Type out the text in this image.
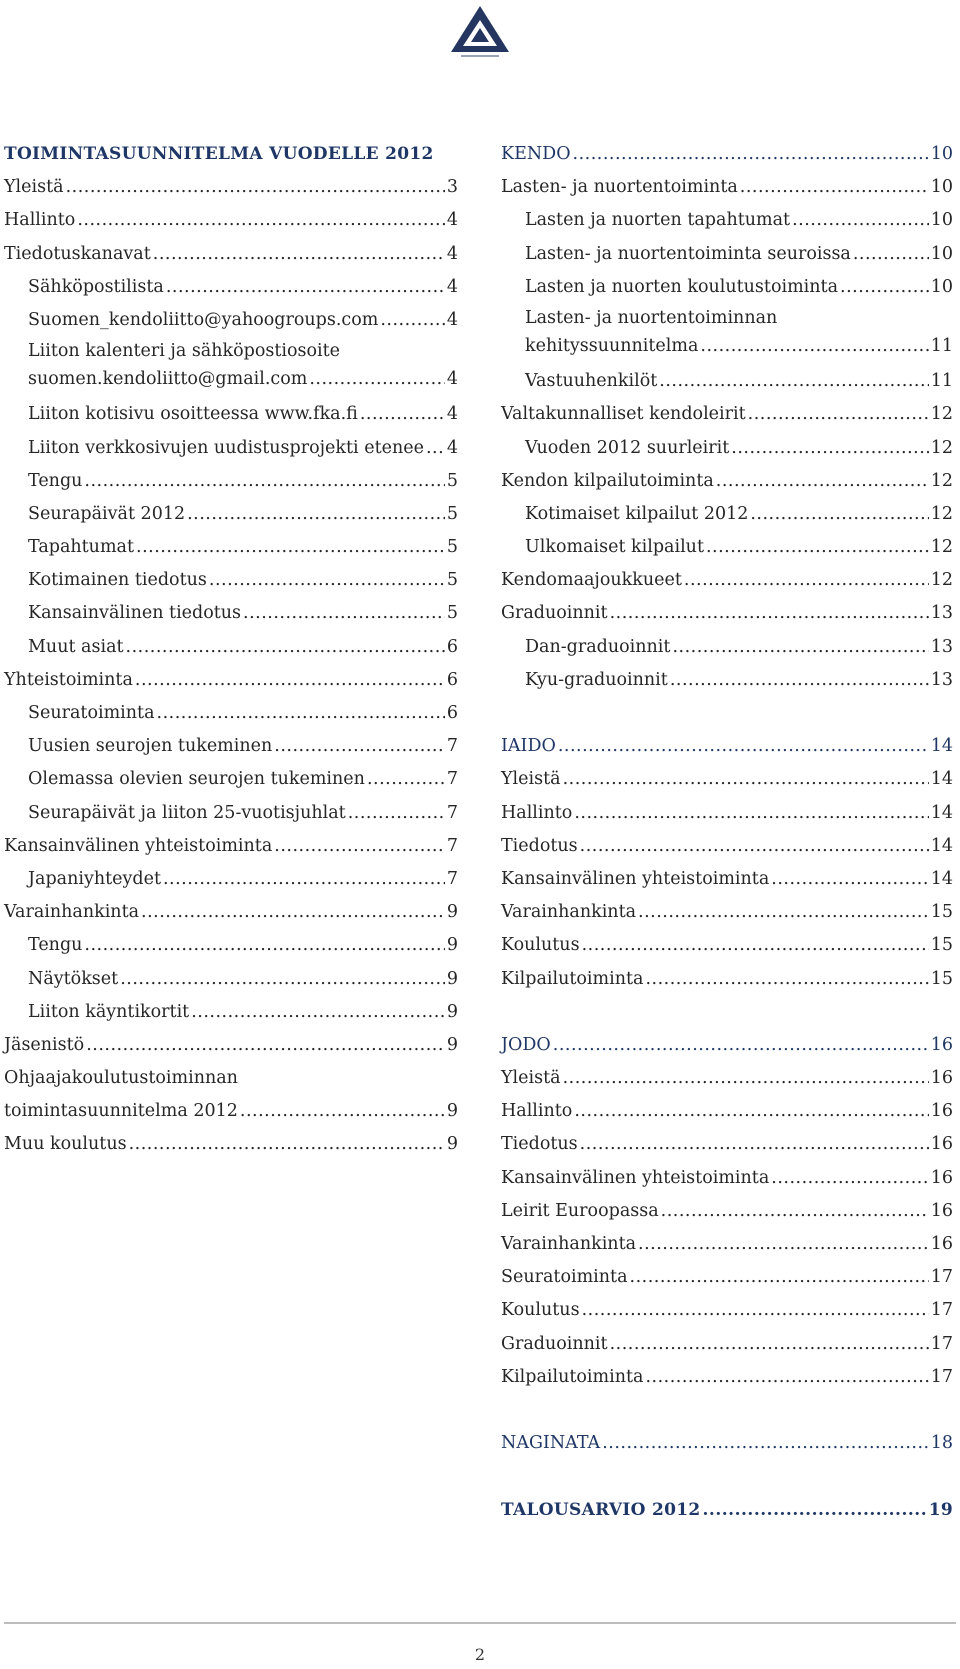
TOIMINTASUUNNITELMA VUODELLE 2012
Yleistä .....	3
Hallinto .....	4
Tiedotuskanavat .....	4
Sähköpostilista .....	4
Suomen_kendoliitto@yahoogroups.com .....	4
Liiton kalenteri ja sähköpostiosoite
suomen.kendoliitto@gmail.com .....	4
Liiton kotisivu osoitteessa www.fka.fi .....	4
Liiton verkkosivujen uudistusprojekti etenee ..... 4
Tengu .....	5
Seurapäivät 2012 .....	5
Tapahtumat .....	5
Kotimainen tiedotus .....	5
Kansainvälinen tiedotus .....	5
Muut asiat .....	6
Yhteistoiminta .....	6
Seuratoiminta .....	6
Uusien seurojen tukeminen .....	7
Olemassa olevien seurojen tukeminen .....	7
Seurapäivät ja liiton 25-vuotisjuhlat .....	7
Kansainvälinen yhteistoiminta .....	7
Japaniyhteydet .....	7
Varainhankinta .....	9
Tengu .....	9
Näytökset .....	9
Liiton käyntikortit .....	9
Jäsenistö .....	9
Ohjaajakoulutustoiminnan
toimintasuunnitelma 2012 .....	9
Muu koulutus .....	9
KENDO .....	10
Lasten- ja nuortentoiminta .....	10
Lasten ja nuorten tapahtumat .....	10
Lasten- ja nuortentoiminta seuroissa .....	10
Lasten ja nuorten koulutustoiminta .....	10
Lasten- ja nuortentoiminnan
kehityssuunnitelma .....	11
Vastuuhenkilöt .....	11
Valtakunnalliset kendoleirit .....	12
Vuoden 2012 suurleirit .....	12
Kendon kilpailutoiminta .....	12
Kotimaiset kilpailut 2012 .....	12
Ulkomaiset kilpailut .....	12
Kendomaajoukkueet .....	12
Graduoinnit .....	13
Dan-graduoinnit .....	13
Kyu-graduoinnit .....	13
IAIDO .....	14
Yleistä .....	14
Hallinto .....	14
Tiedotus .....	14
Kansainvälinen yhteistoiminta .....	14
Varainhankinta .....	15
Koulutus .....	15
Kilpailutoiminta .....	15
JODO .....	16
Yleistä .....	16
Hallinto .....	16
Tiedotus .....	16
Kansainvälinen yhteistoiminta .....	16
Leirit Euroopassa .....	16
Varainhankinta .....	16
Seuratoiminta .....	17
Koulutus .....	17
Graduoinnit .....	17
Kilpailutoiminta .....	17
NAGINATA .....	18
TALOUSARVIO 2012 .....	19
2
